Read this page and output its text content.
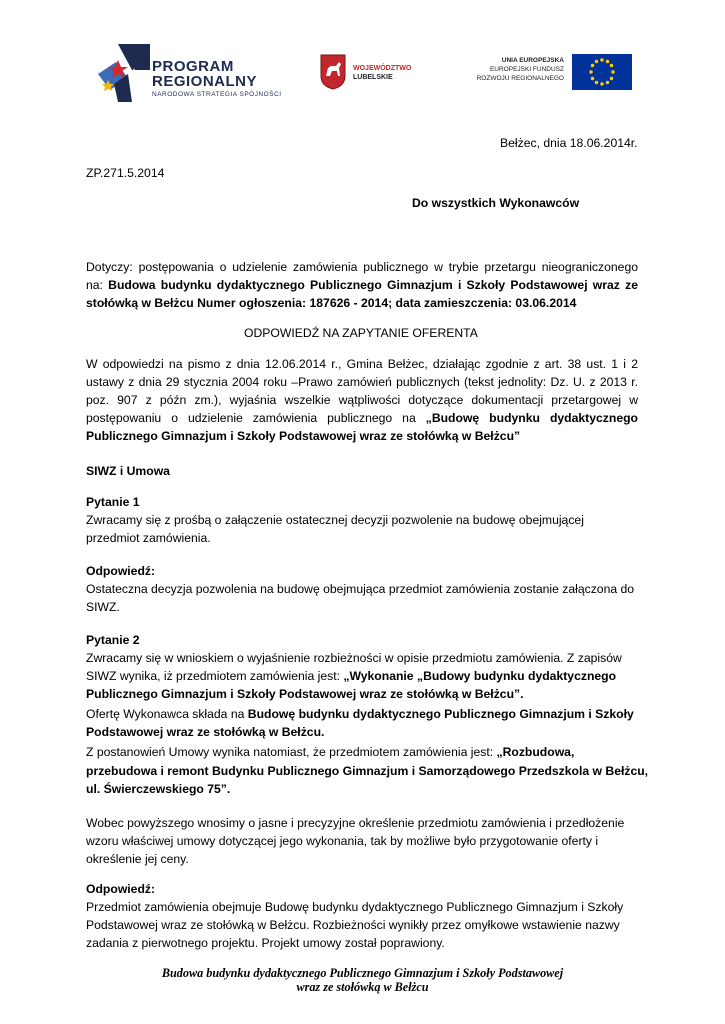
PROGRAM
REGIONALNY
NARODOWA STRATEGIA SPÓJNOŚCI
WOJEWÓDZTWO
LUBELSKIE
UNIA EUROPEJSKA
EUROPEJSKI FUNDUSZ
ROZWOJU REGIONALNEGO
Bełżec, dnia 18.06.2014r.
ZP.271.5.2014
Do wszystkich Wykonawców
Dotyczy: postępowania o udzielenie zamówienia publicznego w trybie przetargu nieograniczonego
na: Budowa budynku dydaktycznego Publicznego Gimnazjum i Szkoły Podstawowej wraz ze
stołówką w Bełżcu Numer ogłoszenia: 187626 - 2014; data zamieszczenia: 03.06.2014
ODPOWIEDŹ NA ZAPYTANIE OFERENTA
W odpowiedzi na pismo z dnia 12.06.2014 r., Gmina Bełżec, działając zgodnie z art. 38 ust. 1 i 2
ustawy z dnia 29 stycznia 2004 roku –Prawo zamówień publicznych (tekst jednolity: Dz. U. z 2013 r.
poz. 907 z późn zm.), wyjaśnia wszelkie wątpliwości dotyczące dokumentacji przetargowej w
postępowaniu o udzielenie zamówienia publicznego na „Budowę budynku dydaktycznego
Publicznego Gimnazjum i Szkoły Podstawowej wraz ze stołówką w Bełżcu”
SIWZ i Umowa
Pytanie 1
Zwracamy się z prośbą o załączenie ostatecznej decyzji pozwolenie na budowę obejmującej
przedmiot zamówienia.
Odpowiedź:
Ostateczna decyzja pozwolenia na budowę obejmująca przedmiot zamówienia zostanie załączona do
SIWZ.
Pytanie 2
Zwracamy się w wnioskiem o wyjaśnienie rozbieżności w opisie przedmiotu zamówienia. Z zapisów
SIWZ wynika, iż przedmiotem zamówienia jest: „Wykonanie „Budowy budynku dydaktycznego
Publicznego Gimnazjum i Szkoły Podstawowej wraz ze stołówką w Bełżcu”.
Ofertę Wykonawca składa na Budowę budynku dydaktycznego Publicznego Gimnazjum i Szkoły
Podstawowej wraz ze stołówką w Bełżcu.
Z postanowień Umowy wynika natomiast, że przedmiotem zamówienia jest: „Rozbudowa,
przebudowa i remont Budynku Publicznego Gimnazjum i Samorządowego Przedszkola w Bełżcu,
ul. Świerczewskiego 75”.
Wobec powyższego wnosimy o jasne i precyzyjne określenie przedmiotu zamówienia i przedłożenie
wzoru właściwej umowy dotyczącej jego wykonania, tak by możliwe było przygotowanie oferty i
określenie jej ceny.
Odpowiedź:
Przedmiot zamówienia obejmuje Budowę budynku dydaktycznego Publicznego Gimnazjum i Szkoły
Podstawowej wraz ze stołówką w Bełżcu. Rozbieżności wynikły przez omyłkowe wstawienie nazwy
zadania z pierwotnego projektu. Projekt umowy został poprawiony.
Budowa budynku dydaktycznego Publicznego Gimnazjum i Szkoły Podstawowej
wraz ze stołówką w Bełżcu
